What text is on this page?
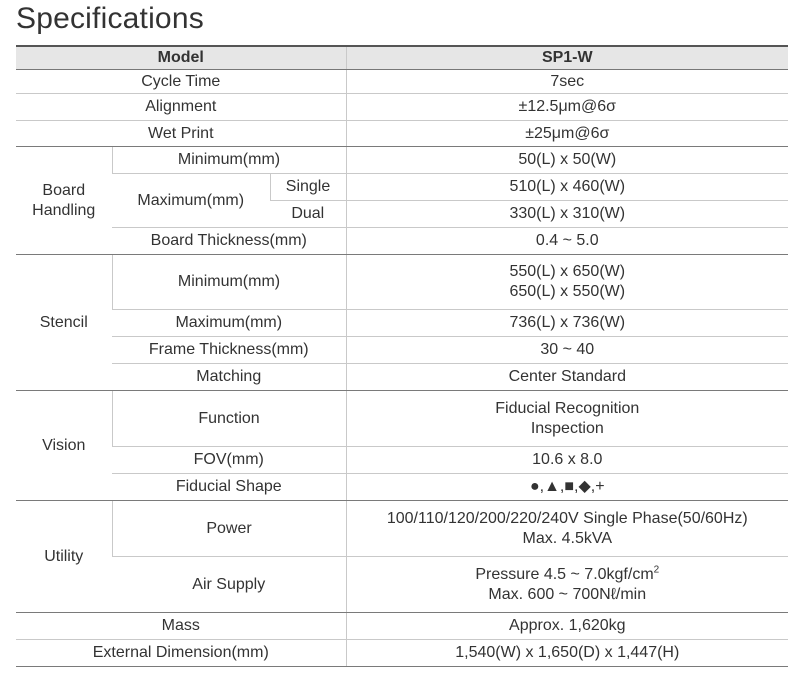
Specifications
Model			SP1-W
Cycle Time			7sec
Alignment			±12.5μm@6σ
Wet Print			±25μm@6σ

Board
Handling	Minimum(mm)		50(L) x 50(W)
	Maximum(mm)	Single	510(L) x 460(W)
		Dual	330(L) x 310(W)
	Board Thickness(mm)		0.4 ~ 5.0
Stencil	Minimum(mm)		550(L) x 650(W)
650(L) x 550(W)

	Maximum(mm)		736(L) x 736(W)
	Frame Thickness(mm)		30 ~ 40
	Matching		Center Standard
Vision	Function		Fiducial Recognition
Inspection

	FOV(mm)		10.6 x 8.0
	Fiducial Shape		●,▲,■,◆,+
Utility	Power		100/110/120/200/220/240V Single Phase(50/60Hz)
Max. 4.5kVA

	Air Supply		Pressure 4.5 ~ $7.0kgf/cm^2$
Max. 600 ~ 700Nℓ/min

Mass			Approx. 1,620kg
External Dimension(mm)			1,540(W) x 1,650(D) x 1,447(H)
